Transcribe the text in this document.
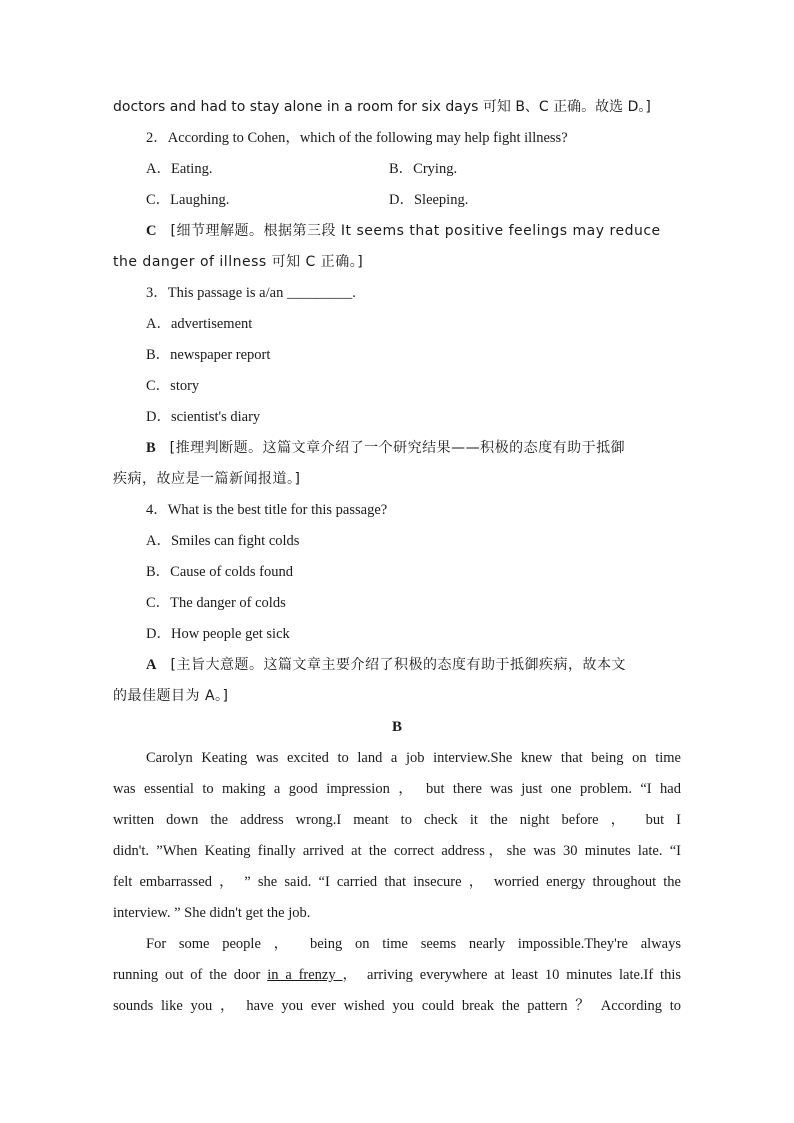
doctors and had to stay alone in a room for six days 可知 B、C 正确。故选 D。]
2．According to Cohen，which of the following may help fight illness?
A．Eating.	B．Crying.
C．Laughing.	D．Sleeping.
C [细节理解题。根据第三段 It seems that positive feelings may reduce
the danger of illness 可知 C 正确。]
3．This passage is a/an _________.
A．advertisement
B．newspaper report
C．story
D．scientist's diary
B [推理判断题。这篇文章介绍了一个研究结果——积极的态度有助于抵御
疾病，故应是一篇新闻报道。]
4．What is the best title for this passage?
A．Smiles can fight colds
B．Cause of colds found
C．The danger of colds
D．How people get sick
A [主旨大意题。这篇文章主要介绍了积极的态度有助于抵御疾病，故本文
的最佳题目为 A。]
B
Carolyn Keating was excited to land a job interview.She knew that being on time
was essential to making a good impression ， but there was just one problem. “I had
written down the address wrong.I meant to check it the night before ， but I
didn't. ”When Keating finally arrived at the correct address，she was 30 minutes late. “I
felt embarrassed ， ” she said. “I carried that insecure ， worried energy throughout the
interview. ” She didn't get the job.
For some people ， being on time seems nearly impossible.They're always
running out of the door in a frenzy ， arriving everywhere at least 10 minutes late.If this
sounds like you ， have you ever wished you could break the pattern ？ According to
